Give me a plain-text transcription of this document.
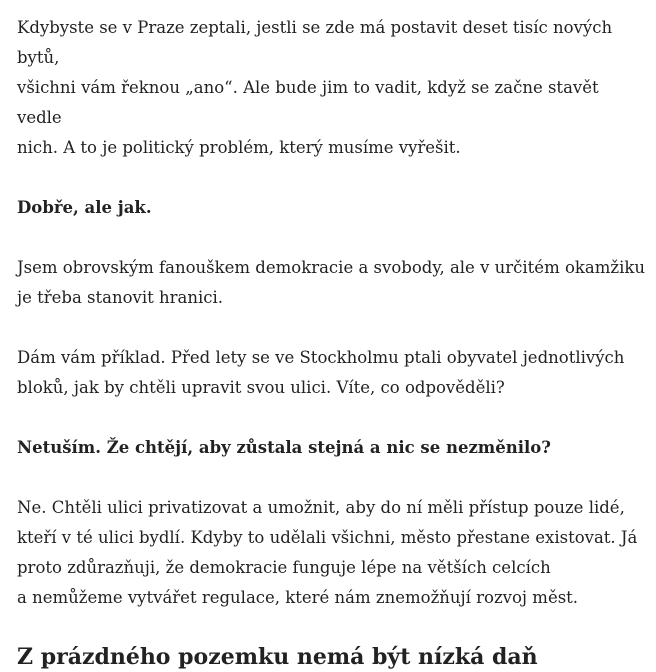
Kdybyste se v Praze zeptali, jestli se zde má postavit deset tisíc nových bytů,
všichni vám řeknou „ano“. Ale bude jim to vadit, když se začne stavět vedle
nich. A to je politický problém, který musíme vyřešit.

Dobře, ale jak.

Jsem obrovským fanouškem demokracie a svobody, ale v určitém okamžiku
je třeba stanovit hranici.

Dám vám příklad. Před lety se ve Stockholmu ptali obyvatel jednotlivých
bloků, jak by chtěli upravit svou ulici. Víte, co odpověděli?

Netuším. Že chtějí, aby zůstala stejná a nic se nezměnilo?

Ne. Chtěli ulici privatizovat a umožnit, aby do ní měli přístup pouze lidé,
kteří v té ulici bydlí. Kdyby to udělali všichni, město přestane existovat. Já
proto zdůrazňuji, že demokracie funguje lépe na větších celcích
a nemůžeme vytvářet regulace, které nám znemožňují rozvoj měst.

Z prázdného pozemku nemá být nízká daň
